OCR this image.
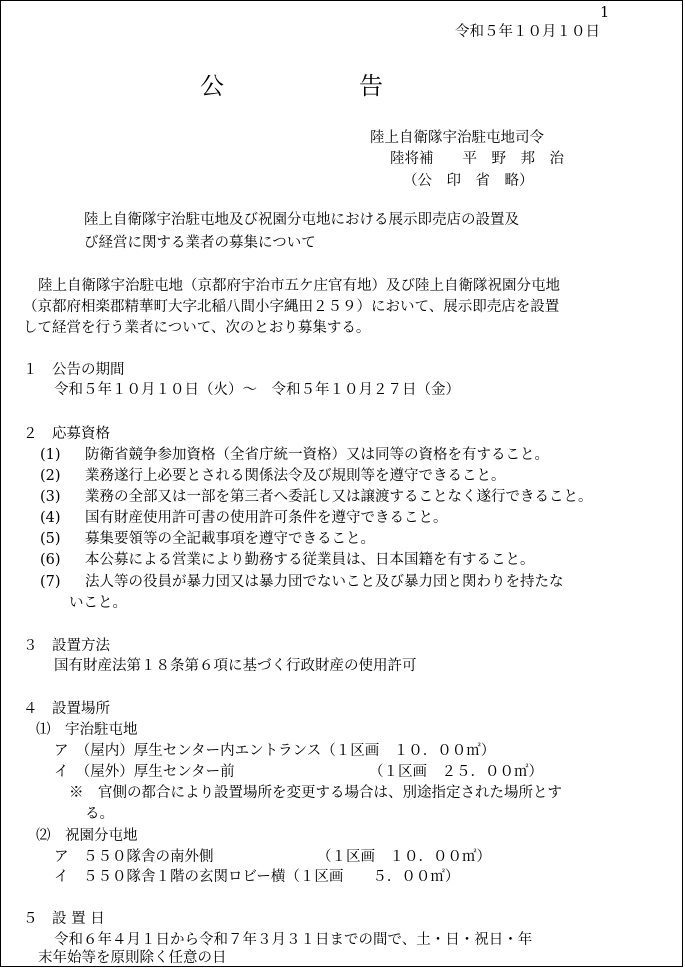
1
令和５年１０月１０日
公	告
陸上自衛隊宇治駐屯地司令
陸将補　　平　野　邦　治
（公　印　省　略）
陸上自衛隊宇治駐屯地及び祝園分屯地における展示即売店の設置及
び経営に関する業者の募集について
陸上自衛隊宇治駐屯地（京都府宇治市五ケ庄官有地）及び陸上自衛隊祝園分屯地
（京都府相楽郡精華町大字北稲八間小字縄田２５９）において、展示即売店を設置
して経営を行う業者について、次のとおり募集する。
１　公告の期間
令和５年１０月１０日（火）～　令和５年１０月２７日（金）
２　応募資格
(1) 防衛省競争参加資格（全省庁統一資格）又は同等の資格を有すること。
(2) 業務遂行上必要とされる関係法令及び規則等を遵守できること。
(3) 業務の全部又は一部を第三者へ委託し又は譲渡することなく遂行できること。
(4) 国有財産使用許可書の使用許可条件を遵守できること。
(5) 募集要領等の全記載事項を遵守できること。
(6) 本公募による営業により勤務する従業員は、日本国籍を有すること。
(7) 法人等の役員が暴力団又は暴力団でないこと及び暴力団と関わりを持たな
いこと。
３　設置方法
国有財産法第１８条第６項に基づく行政財産の使用許可
４　設置場所
⑴　宇治駐屯地
ア　（屋内）厚生センター内エントランス（１区画　１０．００㎡）
イ　（屋外）厚生センター前	（１区画　２５．００㎡）
※　官側の都合により設置場所を変更する場合は、別途指定された場所とす
る。
⑵　祝園分屯地
ア　５５０隊舎の南外側	（１区画　１０．００㎡）
イ　５５０隊舎１階の玄関ロビー横（１区画　　５．００㎡）
５　設 置 日
令和６年４月１日から令和７年３月３１日までの間で、土・日・祝日・年
末年始等を原則除く任意の日
